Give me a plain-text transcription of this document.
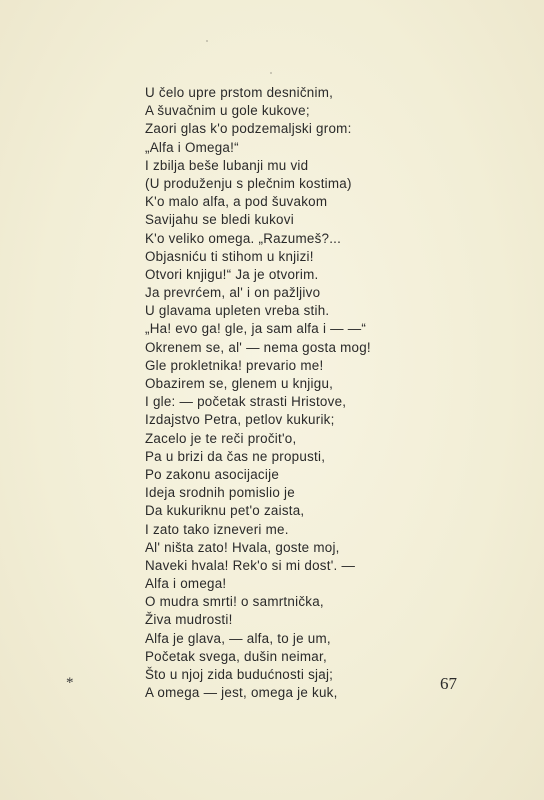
U čelo upre prstom desničnim,
A šuvačnim u gole kukove;
Zaori glas k'o podzemaljski grom:
„Alfa i Omega!“
I zbilja beše lubanji mu vid
(U produženju s plečnim kostima)
K'o malo alfa, a pod šuvakom
Savijahu se bledi kukovi
K'o veliko omega. „Razumeš?...
Objasniću ti stihom u knjizi!
Otvori knjigu!“ Ja je otvorim.
Ja prevrćem, al' i on pažljivo
U glavama upleten vreba stih.
„Ha! evo ga! gle, ja sam alfa i — —“
Okrenem se, al' — nema gosta mog!
Gle prokletnika! prevario me!
Obazirem se, glenem u knjigu,
I gle: — početak strasti Hristove,
Izdajstvo Petra, petlov kukurik;
Zacelo je te reči pročit'o,
Pa u brizi da čas ne propusti,
Po zakonu asocijacije
Ideja srodnih pomislio je
Da kukuriknu pet'o zaista,
I zato tako izneveri me.
Al' ništa zato! Hvala, goste moj,
Naveki hvala! Rek'o si mi dost'. —
Alfa i omega!
O mudra smrti! o samrtnička,
Živa mudrosti!
Alfa je glava, — alfa, to je um,
Početak svega, dušin neimar,
Što u njoj zida budućnosti sjaj;
A omega — jest, omega je kuk,
*	67
